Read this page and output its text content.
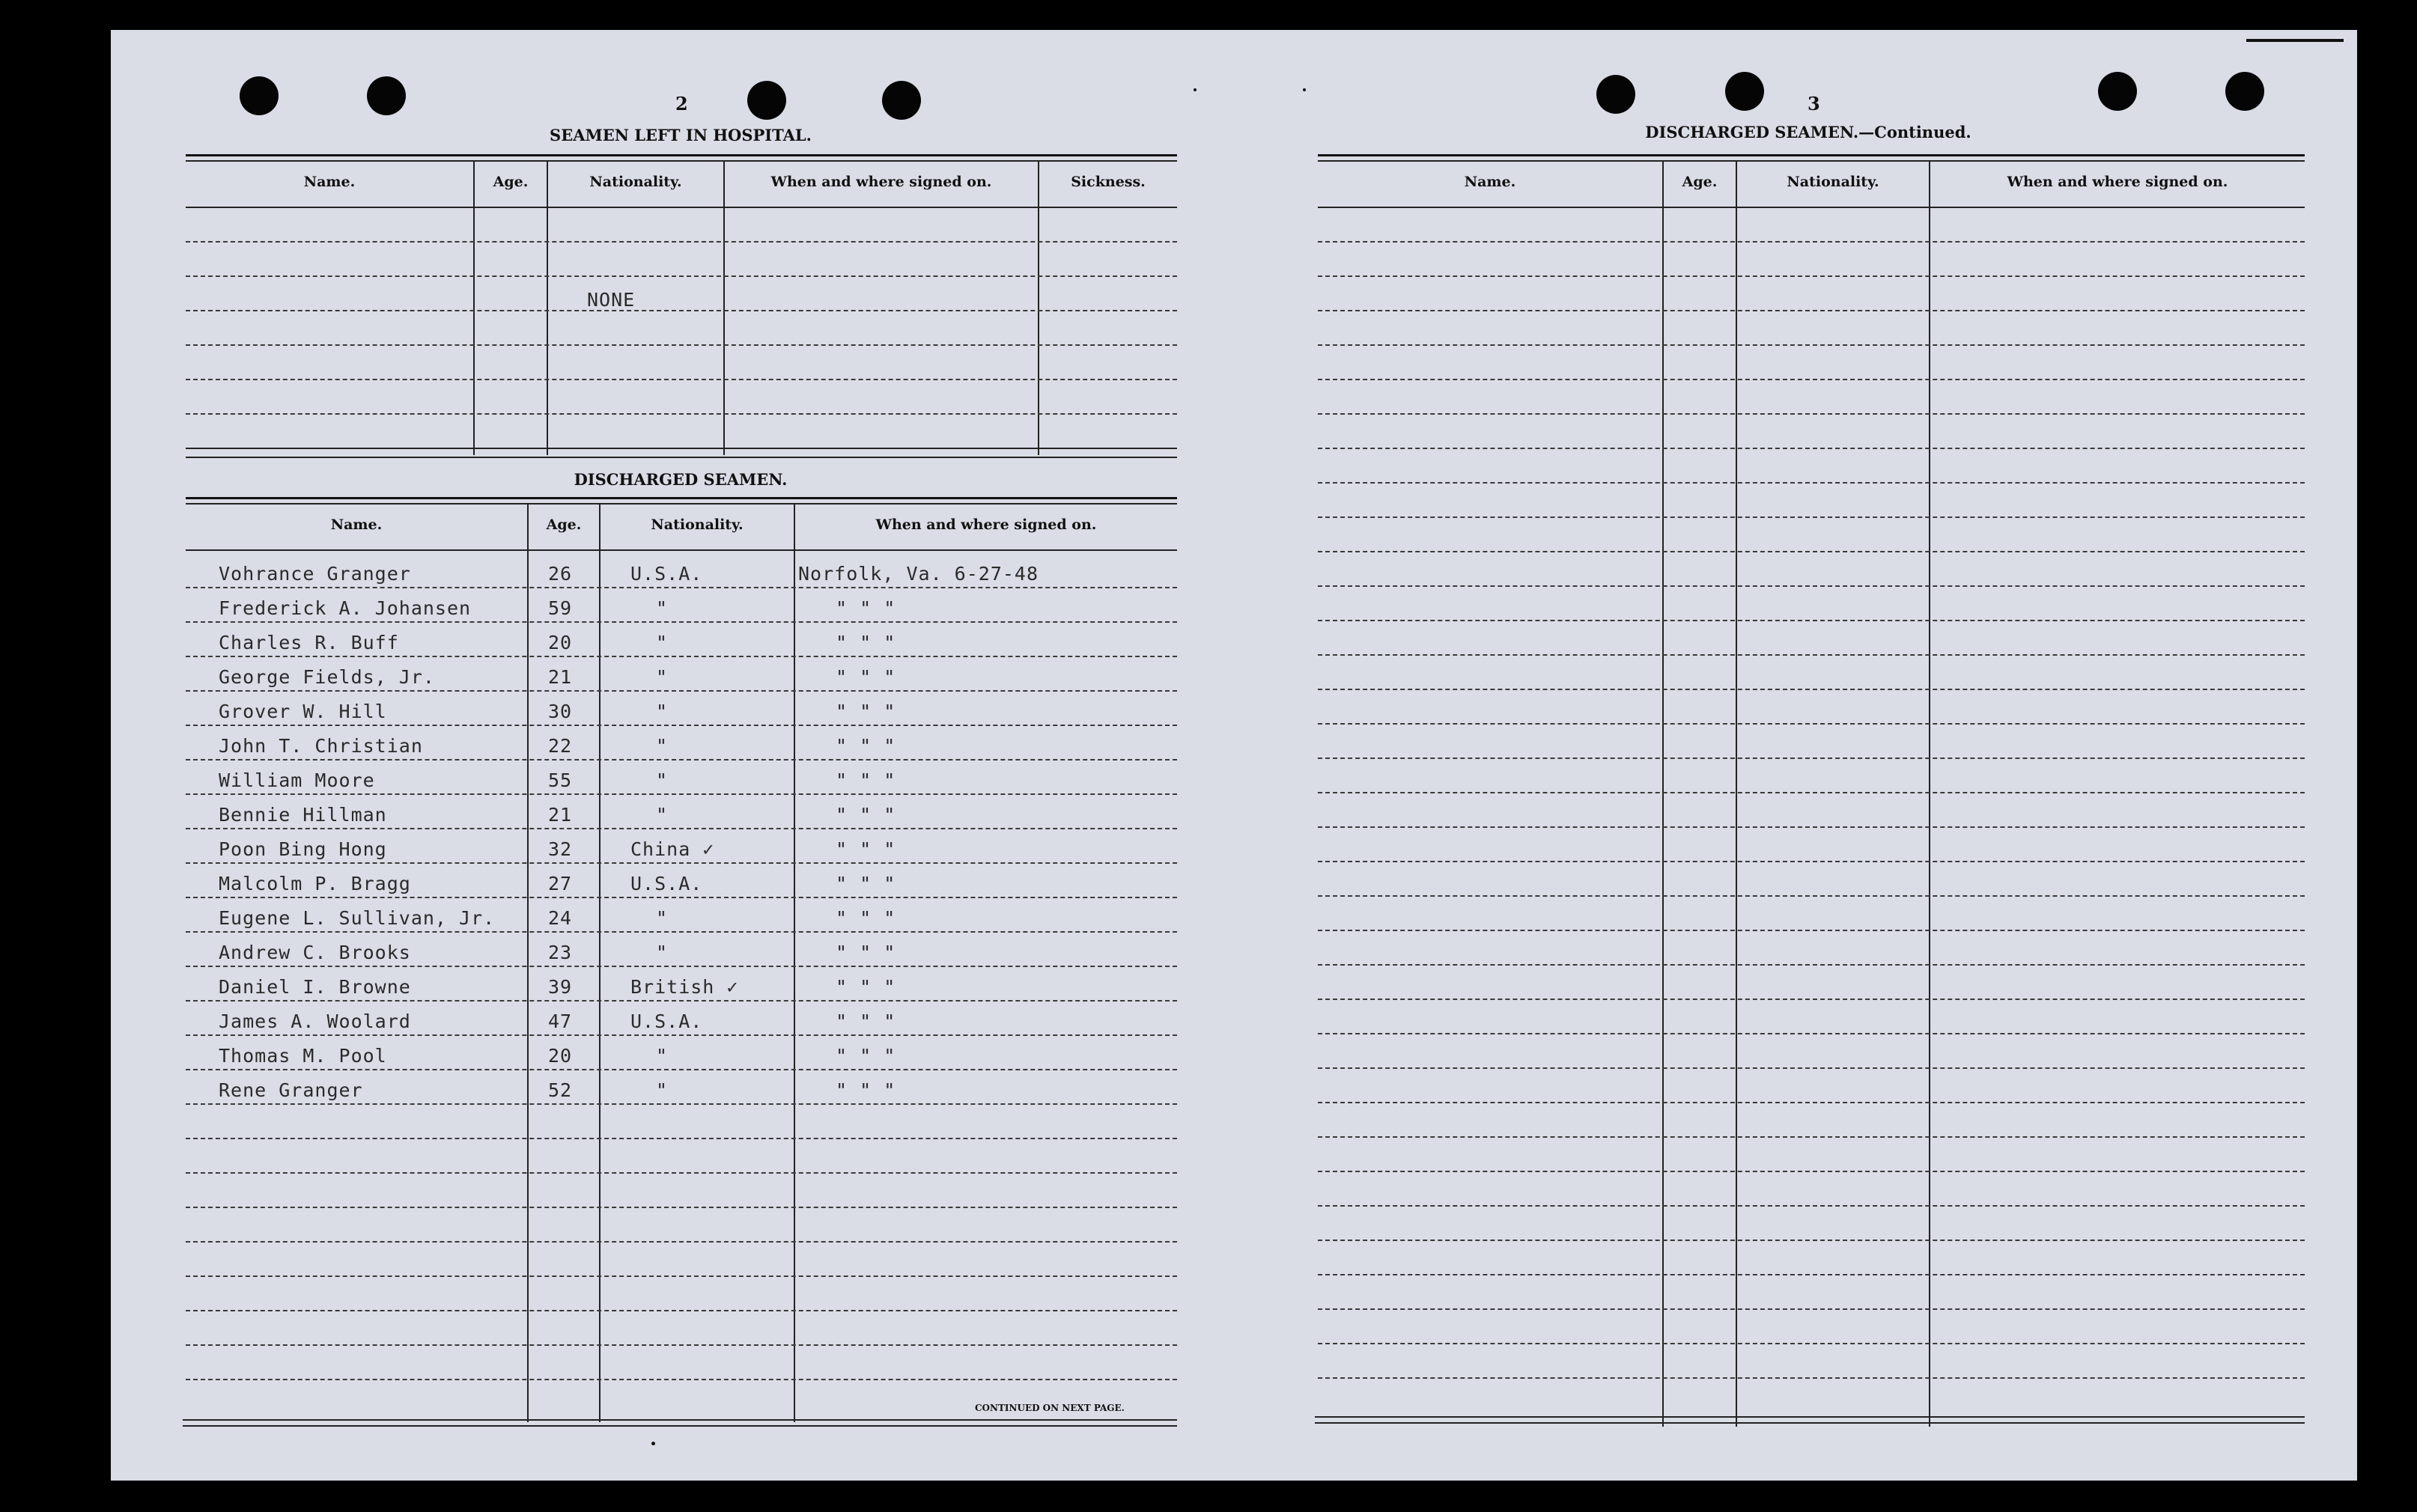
2
SEAMEN LEFT IN HOSPITAL.
Name.	Age.	Nationality.	When and where signed on.	Sickness.
NONE
DISCHARGED SEAMEN.
Name.	Age.	Nationality.	When and where signed on.
Vohrance Granger	26	U.S.A.	Norfolk, Va. 6-27-48
Frederick A. Johansen	59	"	" " "
Charles R. Buff	20	"	" " "
George Fields, Jr.	21	"	" " "
Grover W. Hill	30	"	" " "
John T. Christian	22	"	" " "
William Moore	55	"	" " "
Bennie Hillman	21	"	" " "
Poon Bing Hong	32	China ✓	" " "
Malcolm P. Bragg	27	U.S.A.	" " "
Eugene L. Sullivan, Jr.	24	"	" " "
Andrew C. Brooks	23	"	" " "
Daniel I. Browne	39	British ✓	" " "
James A. Woolard	47	U.S.A.	" " "
Thomas M. Pool	20	"	" " "
Rene Granger	52	"	" " "
CONTINUED ON NEXT PAGE.
3
DISCHARGED SEAMEN.—Continued.
Name.	Age.	Nationality.	When and where signed on.
